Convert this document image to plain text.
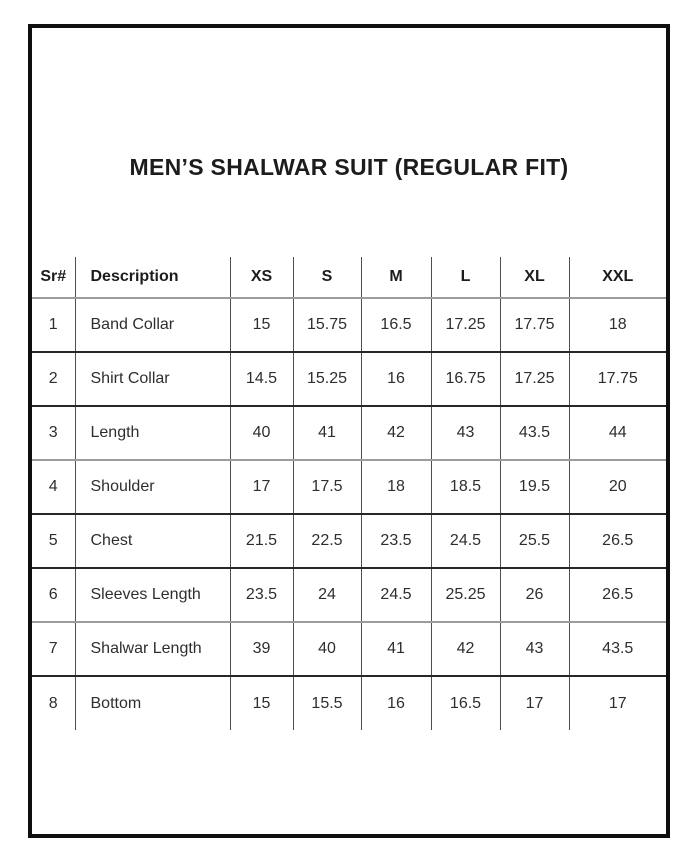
MEN’S SHALWAR SUIT (REGULAR FIT)
Sr#	Description	XS	S	M	L	XL	XXL
1	Band Collar	15	15.75	16.5	17.25	17.75	18
2	Shirt Collar	14.5	15.25	16	16.75	17.25	17.75
3	Length	40	41	42	43	43.5	44
4	Shoulder	17	17.5	18	18.5	19.5	20
5	Chest	21.5	22.5	23.5	24.5	25.5	26.5
6	Sleeves Length	23.5	24	24.5	25.25	26	26.5
7	Shalwar Length	39	40	41	42	43	43.5
8	Bottom	15	15.5	16	16.5	17	17
